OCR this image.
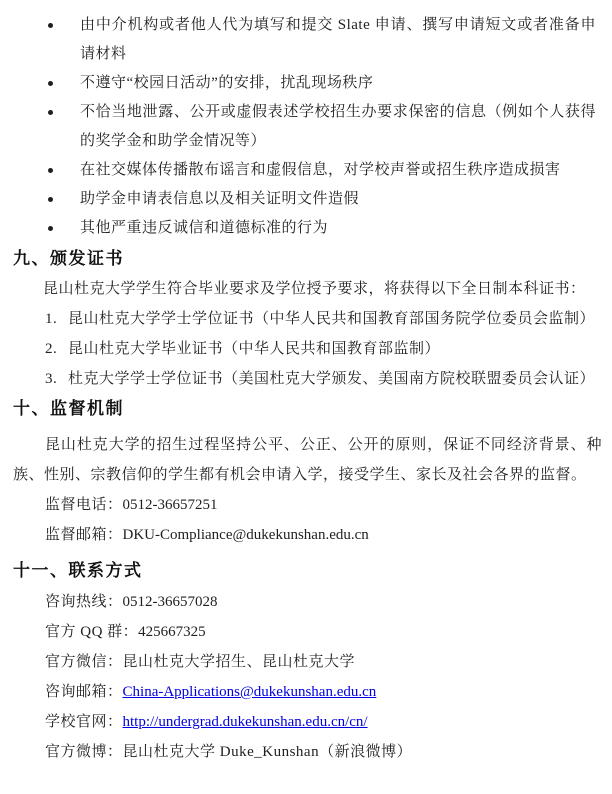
由中介机构或者他人代为填写和提交 Slate 申请、撰写申请短文或者准备申请材料
不遵守“校园日活动”的安排，扰乱现场秩序
不恰当地泄露、公开或虚假表述学校招生办要求保密的信息（例如个人获得的奖学金和助学金情况等）
在社交媒体传播散布谣言和虚假信息，对学校声誉或招生秩序造成损害
助学金申请表信息以及相关证明文件造假
其他严重违反诚信和道德标准的行为
九、颁发证书

昆山杜克大学学生符合毕业要求及学位授予要求，将获得以下全日制本科证书：

1. 昆山杜克大学学士学位证书（中华人民共和国教育部国务院学位委员会监制）
2. 昆山杜克大学毕业证书（中华人民共和国教育部监制）
3. 杜克大学学士学位证书（美国杜克大学颁发、美国南方院校联盟委员会认证）
十、监督机制

昆山杜克大学的招生过程坚持公平、公正、公开的原则，保证不同经济背景、种族、性别、宗教信仰的学生都有机会申请入学，接受学生、家长及社会各界的监督。

监督电话：0512-36657251
监督邮箱：DKU-Compliance@dukekunshan.edu.cn
十一、联系方式
咨询热线：0512-36657028
官方 QQ 群：425667325
官方微信：昆山杜克大学招生、昆山杜克大学
咨询邮箱：China-Applications@dukekunshan.edu.cn
学校官网：http://undergrad.dukekunshan.edu.cn/cn/
官方微博：昆山杜克大学 Duke_Kunshan（新浪微博）
